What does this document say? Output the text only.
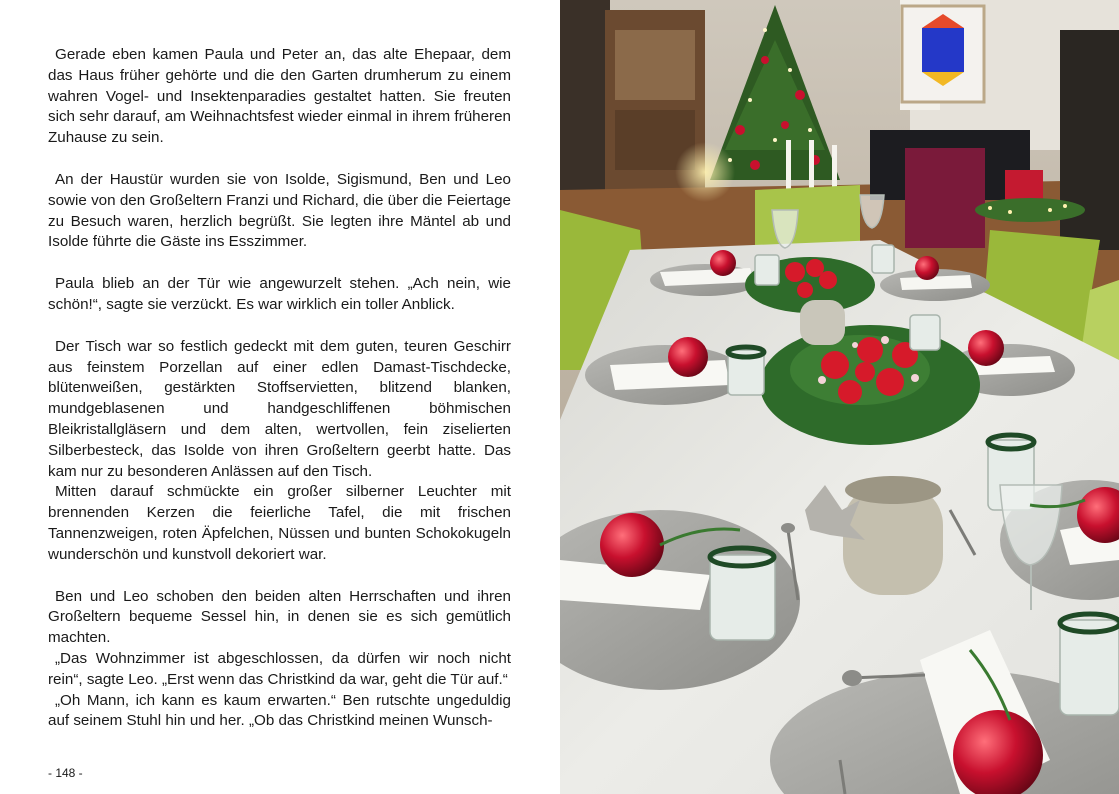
Gerade eben kamen Paula und Peter an, das alte Ehepaar, dem das Haus früher gehörte und die den Garten drumherum zu einem wahren Vogel- und Insektenparadies gestaltet hatten. Sie freuten sich sehr darauf, am Weihnachtsfest wieder einmal in ihrem früheren Zuhause zu sein.

An der Haustür wurden sie von Isolde, Sigismund, Ben und Leo sowie von den Großeltern Franzi und Richard, die über die Feiertage zu Besuch waren, herzlich begrüßt. Sie legten ihre Mäntel ab und Isolde führte die Gäste ins Esszimmer.

Paula blieb an der Tür wie angewurzelt stehen. „Ach nein, wie schön!“, sagte sie verzückt. Es war wirklich ein toller Anblick.

Der Tisch war so festlich gedeckt mit dem guten, teuren Geschirr aus feinstem Porzellan auf einer edlen Damast-Tischdecke, blütenweißen, gestärkten Stoffservietten, blitzend blanken, mundgeblasenen und handgeschliffenen böhmischen Bleikristallgläsern und dem alten, wertvollen, fein ziselierten Silberbesteck, das Isolde von ihren Großeltern geerbt hatte. Das kam nur zu besonderen Anlässen auf den Tisch.

Mitten darauf schmückte ein großer silberner Leuchter mit brennenden Kerzen die feierliche Tafel, die mit frischen Tannenzweigen, roten Äpfelchen, Nüssen und bunten Schokokugeln wunderschön und kunstvoll dekoriert war.

Ben und Leo schoben den beiden alten Herrschaften und ihren Großeltern bequeme Sessel hin, in denen sie es sich gemütlich machten.

„Das Wohnzimmer ist abgeschlossen, da dürfen wir noch nicht rein“, sagte Leo. „Erst wenn das Christkind da war, geht die Tür auf.“

„Oh Mann, ich kann es kaum erwarten.“ Ben rutschte ungeduldig auf seinem Stuhl hin und her. „Ob das Christkind meinen Wunsch-

- 148 -
